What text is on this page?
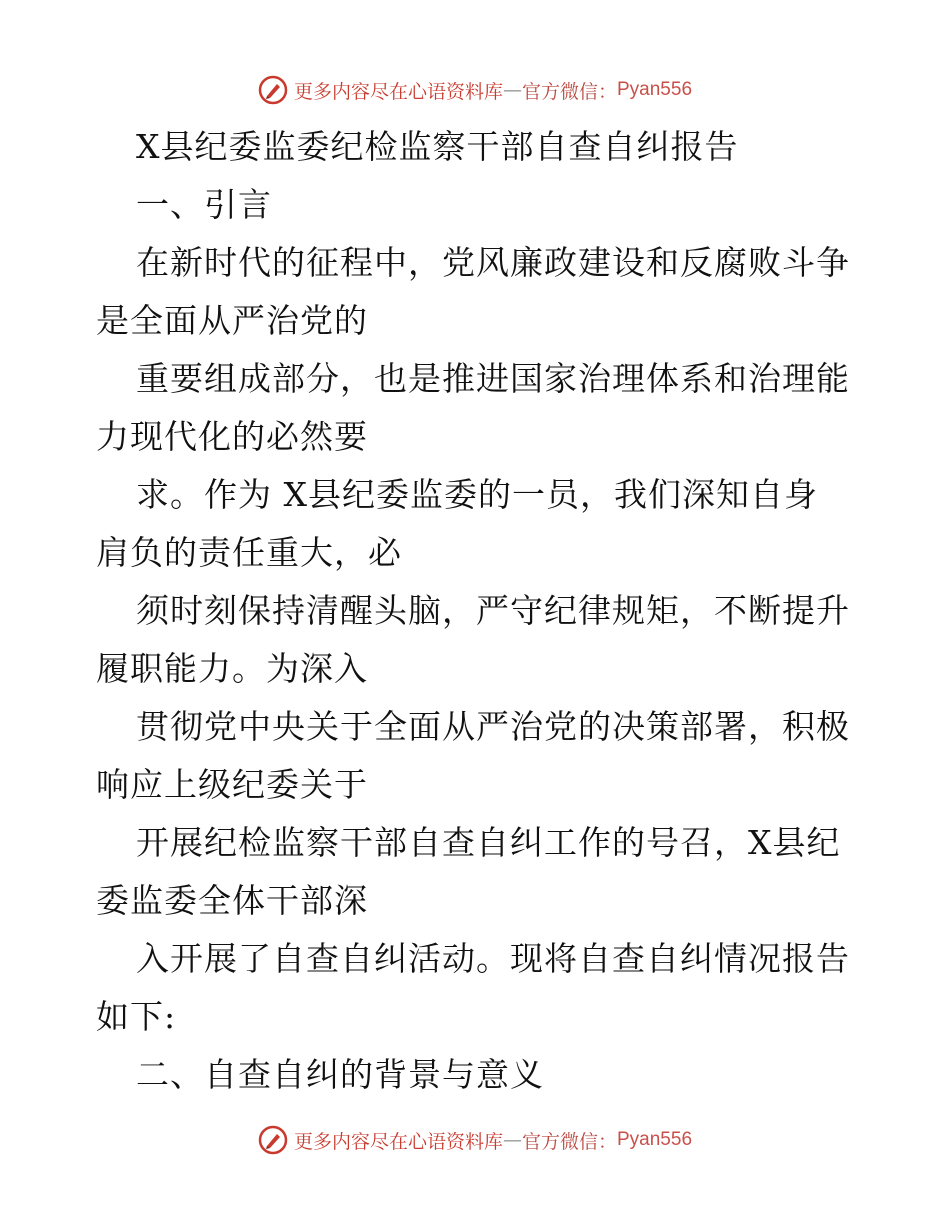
更多内容尽在心语资料库 — 官方微信： Pyan556
X县纪委监委纪检监察干部自查自纠报告
一、引言
在新时代的征程中，党风廉政建设和反腐败斗争
是全面从严治党的
重要组成部分，也是推进国家治理体系和治理能
力现代化的必然要
求。作为 X县纪委监委的一员，我们深知自身
肩负的责任重大，必
须时刻保持清醒头脑，严守纪律规矩，不断提升
履职能力。为深入
贯彻党中央关于全面从严治党的决策部署，积极
响应上级纪委关于
开展纪检监察干部自查自纠工作的号召，X县纪
委监委全体干部深
入开展了自查自纠活动。现将自查自纠情况报告
如下:
二、自查自纠的背景与意义
更多内容尽在心语资料库 — 官方微信： Pyan556
